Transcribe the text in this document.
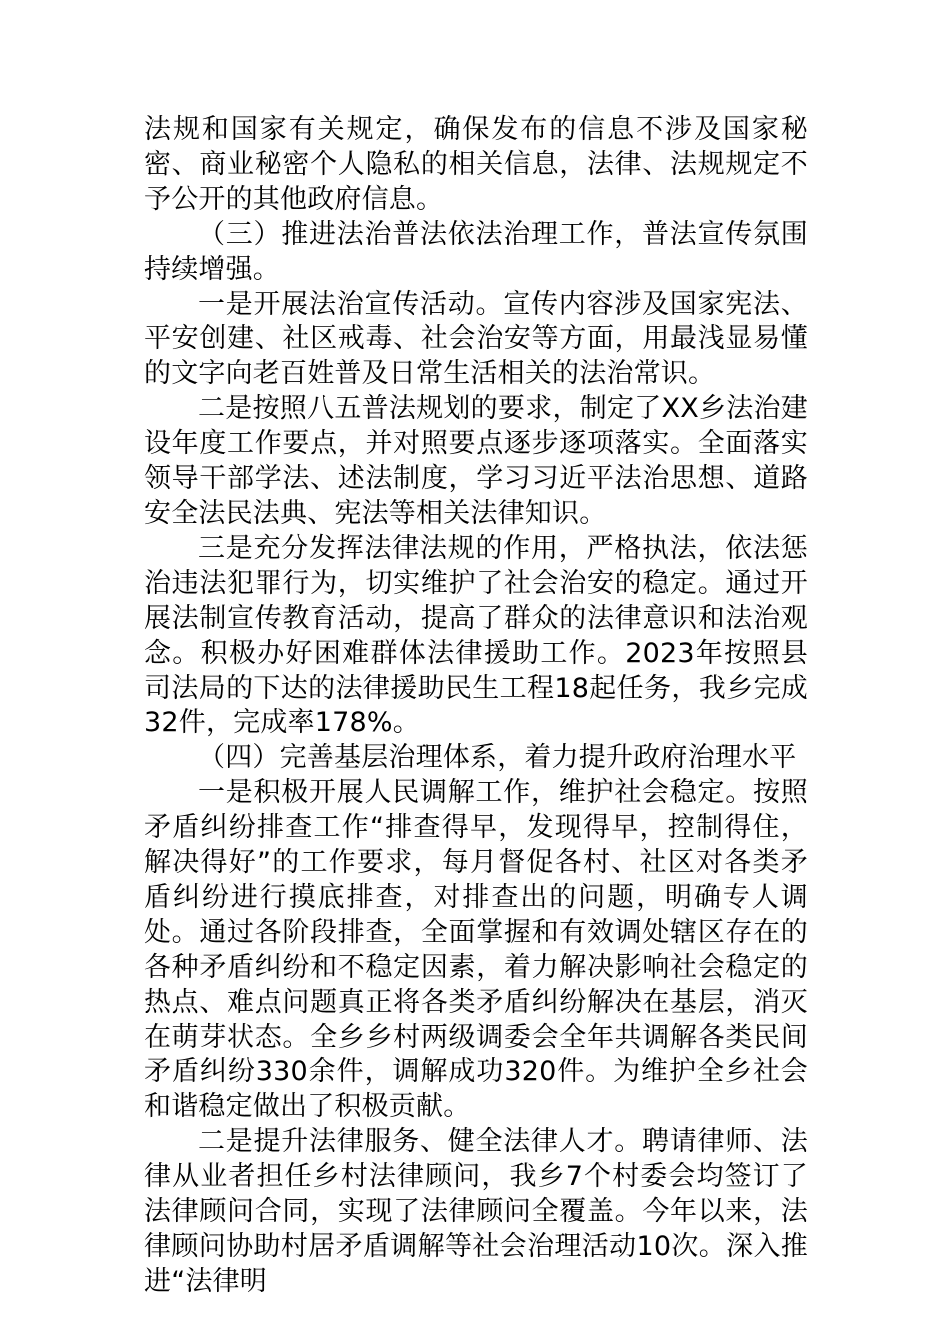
法规和国家有关规定，确保发布的信息不涉及国家秘密、商业秘密个人隐私的相关信息，法律、法规规定不予公开的其他政府信息。

（三）推进法治普法依法治理工作，普法宣传氛围持续增强。

一是开展法治宣传活动。宣传内容涉及国家宪法、平安创建、社区戒毒、社会治安等方面，用最浅显易懂的文字向老百姓普及日常生活相关的法治常识。

二是按照八五普法规划的要求，制定了XX乡法治建设年度工作要点，并对照要点逐步逐项落实。全面落实领导干部学法、述法制度，学习习近平法治思想、道路安全法民法典、宪法等相关法律知识。

三是充分发挥法律法规的作用，严格执法，依法惩治违法犯罪行为，切实维护了社会治安的稳定。通过开展法制宣传教育活动，提高了群众的法律意识和法治观念。积极办好困难群体法律援助工作。2023年按照县司法局的下达的法律援助民生工程18起任务，我乡完成32件，完成率178%。

（四）完善基层治理体系，着力提升政府治理水平

一是积极开展人民调解工作，维护社会稳定。按照矛盾纠纷排查工作“排查得早，发现得早，控制得住，解决得好”的工作要求，每月督促各村、社区对各类矛盾纠纷进行摸底排查，对排查出的问题，明确专人调处。通过各阶段排查，全面掌握和有效调处辖区存在的各种矛盾纠纷和不稳定因素，着力解决影响社会稳定的热点、难点问题真正将各类矛盾纠纷解决在基层，消灭在萌芽状态。全乡乡村两级调委会全年共调解各类民间矛盾纠纷330余件，调解成功320件。为维护全乡社会和谐稳定做出了积极贡献。

二是提升法律服务、健全法律人才。聘请律师、法律从业者担任乡村法律顾问，我乡7个村委会均签订了法律顾问合同，实现了法律顾问全覆盖。今年以来，法律顾问协助村居矛盾调解等社会治理活动10次。深入推进“法律明
